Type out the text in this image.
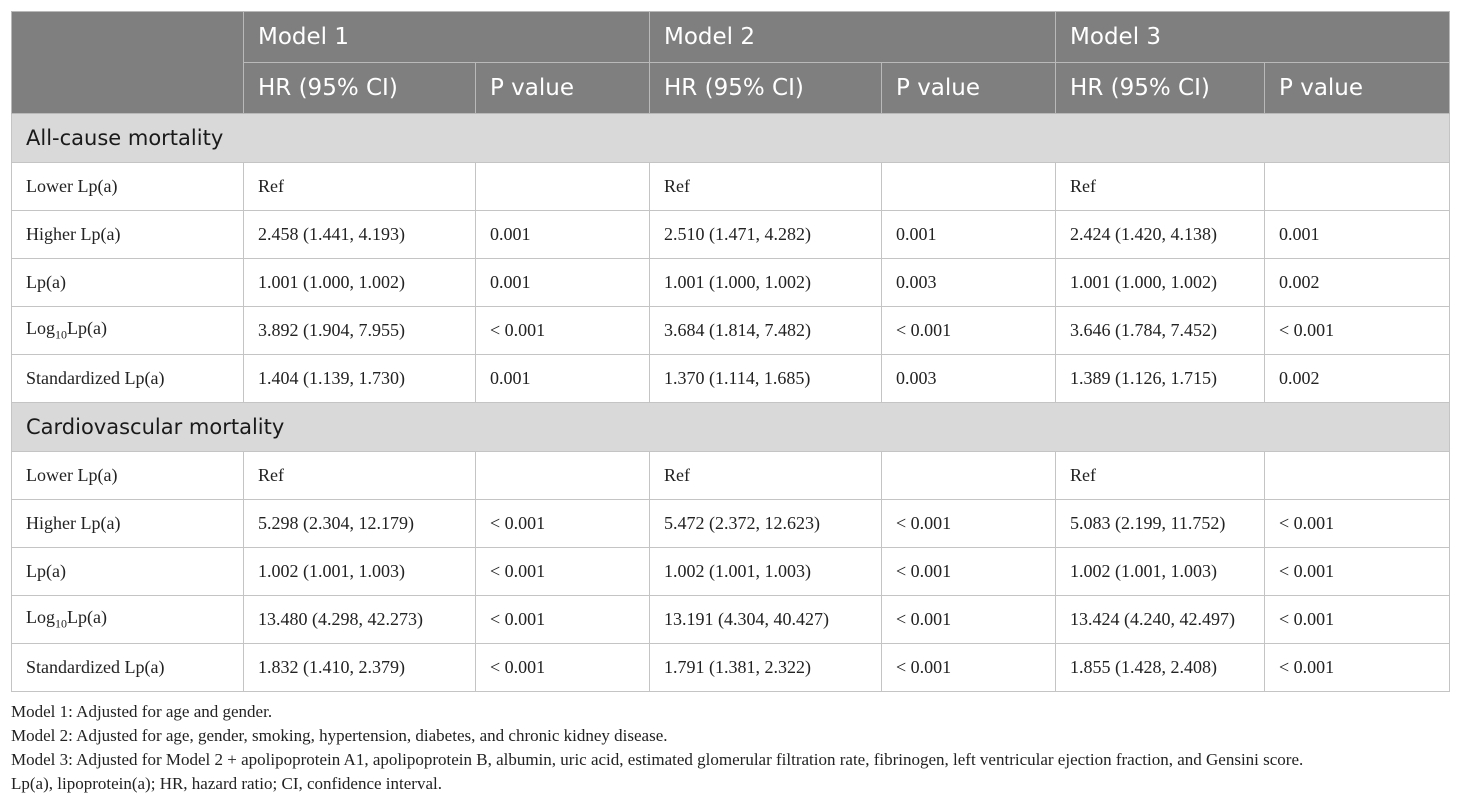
	Model 1		Model 2		Model 3	
	HR (95% CI)	P value	HR (95% CI)	P value	HR (95% CI)	P value
All-cause mortality						
Lower Lp(a)	Ref		Ref		Ref	
Higher Lp(a)	2.458 (1.441, 4.193)	0.001	2.510 (1.471, 4.282)	0.001	2.424 (1.420, 4.138)	0.001
Lp(a)	1.001 (1.000, 1.002)	0.001	1.001 (1.000, 1.002)	0.003	1.001 (1.000, 1.002)	0.002
Log$_{10}$Lp(a)	3.892 (1.904, 7.955)	< 0.001	3.684 (1.814, 7.482)	< 0.001	3.646 (1.784, 7.452)	< 0.001
Standardized Lp(a)	1.404 (1.139, 1.730)	0.001	1.370 (1.114, 1.685)	0.003	1.389 (1.126, 1.715)	0.002
Cardiovascular mortality						
Lower Lp(a)	Ref		Ref		Ref	
Higher Lp(a)	5.298 (2.304, 12.179)	< 0.001	5.472 (2.372, 12.623)	< 0.001	5.083 (2.199, 11.752)	< 0.001
Lp(a)	1.002 (1.001, 1.003)	< 0.001	1.002 (1.001, 1.003)	< 0.001	1.002 (1.001, 1.003)	< 0.001
Log$_{10}$Lp(a)	13.480 (4.298, 42.273)	< 0.001	13.191 (4.304, 40.427)	< 0.001	13.424 (4.240, 42.497)	< 0.001
Standardized Lp(a)	1.832 (1.410, 2.379)	< 0.001	1.791 (1.381, 2.322)	< 0.001	1.855 (1.428, 2.408)	< 0.001
Model 1: Adjusted for age and gender.
Model 2: Adjusted for age, gender, smoking, hypertension, diabetes, and chronic kidney disease.
Model 3: Adjusted for Model 2 + apolipoprotein A1, apolipoprotein B, albumin, uric acid, estimated glomerular filtration rate, fibrinogen, left ventricular ejection fraction, and Gensini score.
Lp(a), lipoprotein(a); HR, hazard ratio; CI, confidence interval.
